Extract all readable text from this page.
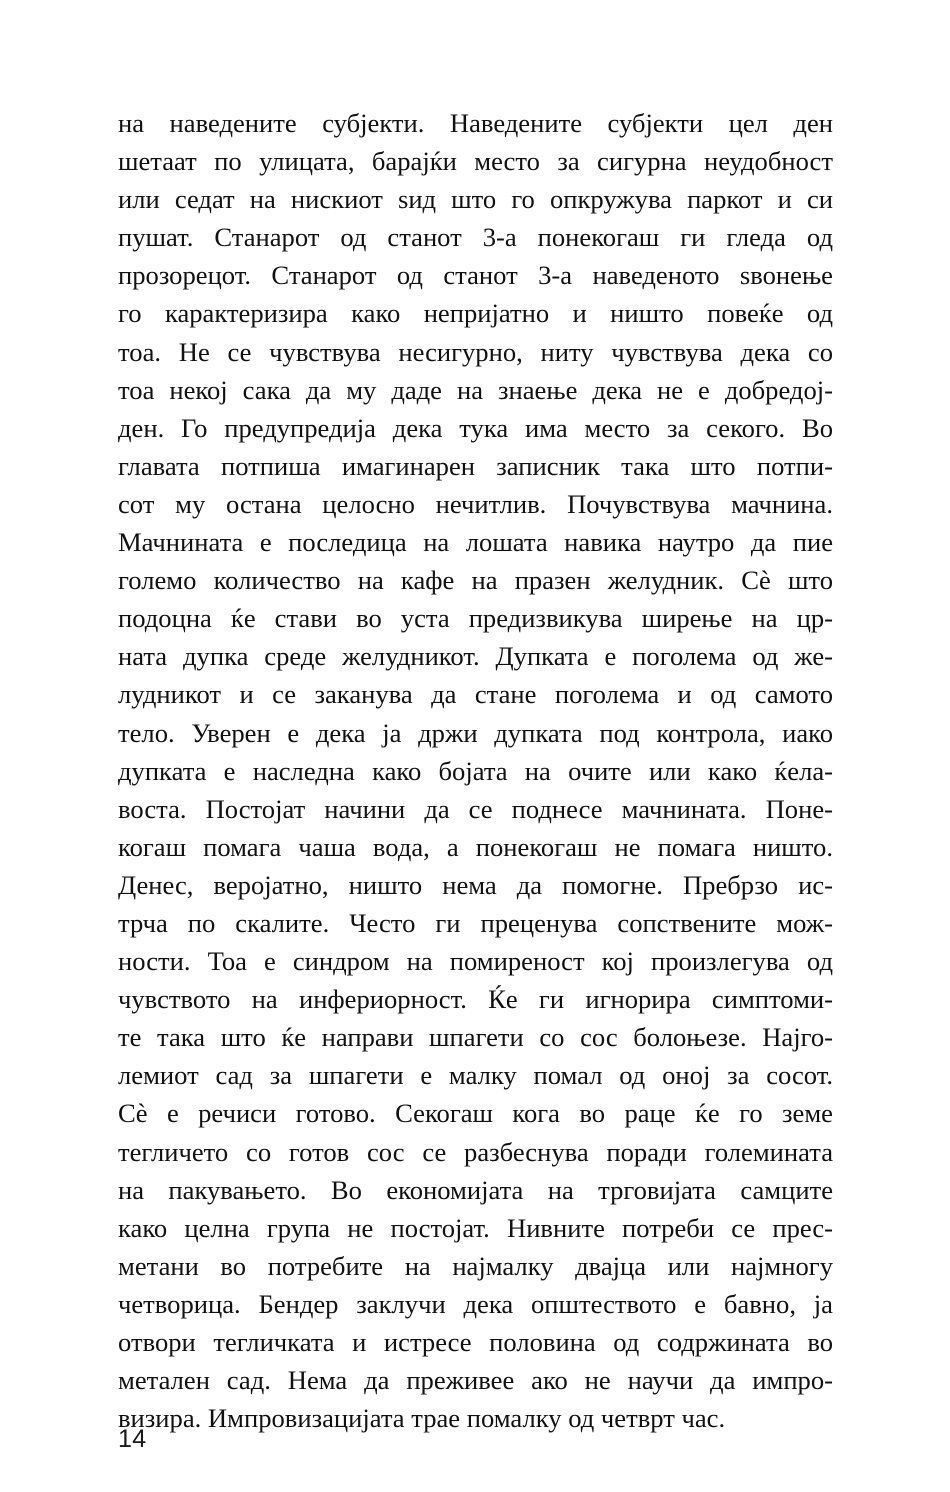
на наведените субјекти. Наведените субјекти цел ден
шетаат по улицата, барајќи место за сигурна неудобност
или седат на нискиот ѕид што го опкружува паркот и си
пушат. Станарот од станот 3-а понекогаш ги гледа од
прозорецот. Станарот од станот 3-а наведеното ѕвонење
го карактеризира како непријатно и ништо повеќе од
тоа. Не се чувствува несигурно, ниту чувствува дека со
тоа некој сака да му даде на знаење дека не е добредој-
ден. Го предупредија дека тука има место за секого. Во
главата потпиша имагинарен записник така што потпи-
сот му остана целосно нечитлив. Почувствува мачнина.
Мачнината е последица на лошата навика наутро да пие
големо количество на кафе на празен желудник. Сè што
подоцна ќе стави во уста предизвикува ширење на цр-
ната дупка среде желудникот. Дупката е поголема од же-
лудникот и се заканува да стане поголема и од самото
тело. Уверен е дека ја држи дупката под контрола, иако
дупката е наследна како бојата на очите или како ќела-
воста. Постојат начини да се поднесе мачнината. Поне-
когаш помага чаша вода, а понекогаш не помага ништо.
Денес, веројатно, ништо нема да помогне. Пребрзо ис-
трча по скалите. Често ги преценува сопствените мож-
ности. Тоа е синдром на помиреност кој произлегува од
чувството на инфериорност. Ќе ги игнорира симптоми-
те така што ќе направи шпагети со сос болоњезе. Најго-
лемиот сад за шпагети е малку помал од оној за сосот.
Сè е речиси готово. Секогаш кога во раце ќе го земе
тегличето со готов сос се разбеснува поради големината
на пакувањето. Во економијата на трговијата самците
како целна група не постојат. Нивните потреби се прес-
метани во потребите на најмалку двајца или најмногу
четворица. Бендер заклучи дека општеството е бавно, ја
отвори тегличката и истресе половина од содржината во
метален сад. Нема да преживее ако не научи да импро-
визира. Импровизацијата трае помалку од четврт час.
14
